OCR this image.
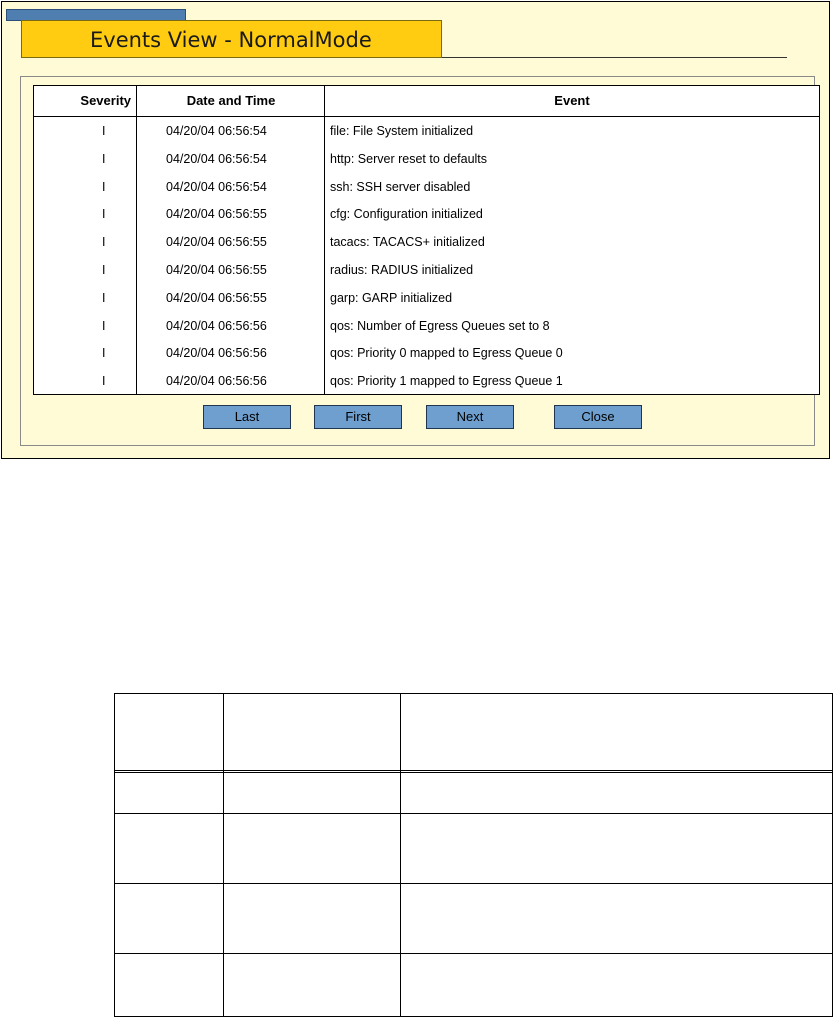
Events View - NormalMode
Severity	Date and Time	Event
I	04/20/04 06:56:54	file: File System initialized
I	04/20/04 06:56:54	http: Server reset to defaults
I	04/20/04 06:56:54	ssh: SSH server disabled
I	04/20/04 06:56:55	cfg: Configuration initialized
I	04/20/04 06:56:55	tacacs: TACACS+ initialized
I	04/20/04 06:56:55	radius: RADIUS initialized
I	04/20/04 06:56:55	garp: GARP initialized
I	04/20/04 06:56:56	qos: Number of Egress Queues set to 8
I	04/20/04 06:56:56	qos: Priority 0 mapped to Egress Queue 0
I	04/20/04 06:56:56	qos: Priority 1 mapped to Egress Queue 1
Last	First	Next	Close
